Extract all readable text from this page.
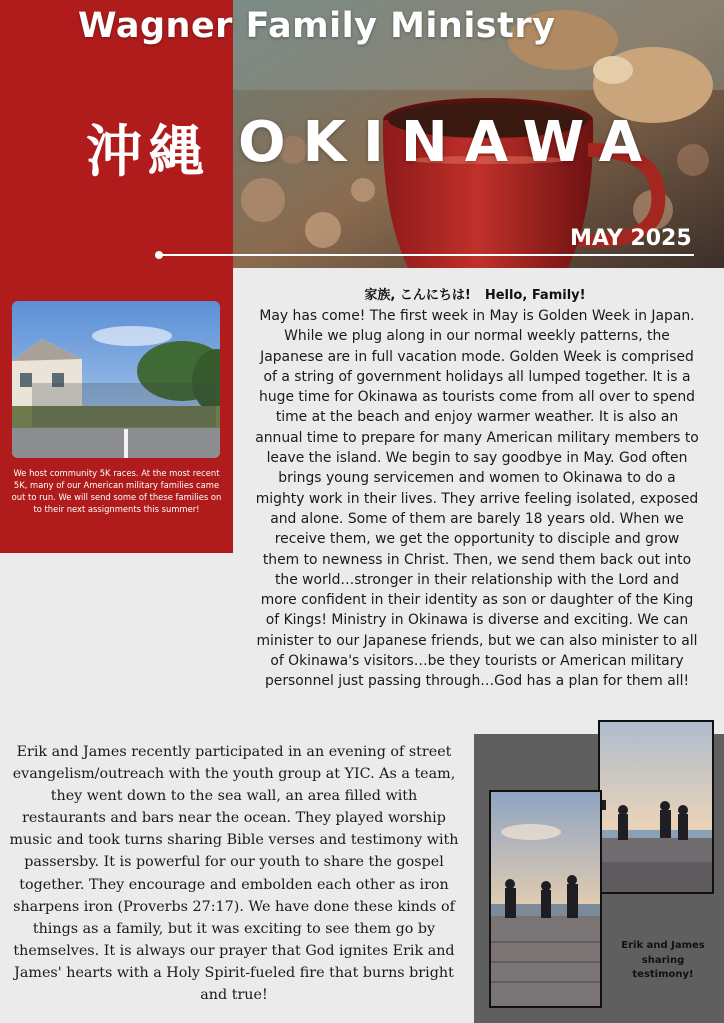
Wagner Family Ministry
沖縄 OKINAWA
MAY 2025

We host community 5K races. At the most recent 5K, many of our American military families came out to run. We will send some of these families on to their next assignments this summer!

家族, こんにちは! Hello, Family!

May has come! The first week in May is Golden Week in Japan. While we plug along in our normal weekly patterns, the Japanese are in full vacation mode. Golden Week is comprised of a string of government holidays all lumped together. It is a huge time for Okinawa as tourists come from all over to spend time at the beach and enjoy warmer weather. It is also an annual time to prepare for many American military members to leave the island. We begin to say goodbye in May. God often brings young servicemen and women to Okinawa to do a mighty work in their lives. They arrive feeling isolated, exposed and alone. Some of them are barely 18 years old. When we receive them, we get the opportunity to disciple and grow them to newness in Christ. Then, we send them back out into the world…stronger in their relationship with the Lord and more confident in their identity as son or daughter of the King of Kings! Ministry in Okinawa is diverse and exciting. We can minister to our Japanese friends, but we can also minister to all of Okinawa's visitors…be they tourists or American military personnel just passing through…God has a plan for them all!

Erik and James recently participated in an evening of street evangelism/outreach with the youth group at YIC. As a team, they went down to the sea wall, an area filled with restaurants and bars near the ocean. They played worship music and took turns sharing Bible verses and testimony with passersby. It is powerful for our youth to share the gospel together. They encourage and embolden each other as iron sharpens iron (Proverbs 27:17). We have done these kinds of things as a family, but it was exciting to see them go by themselves. It is always our prayer that God ignites Erik and James' hearts with a Holy Spirit-fueled fire that burns bright and true!

Erik and James sharing testimony!
